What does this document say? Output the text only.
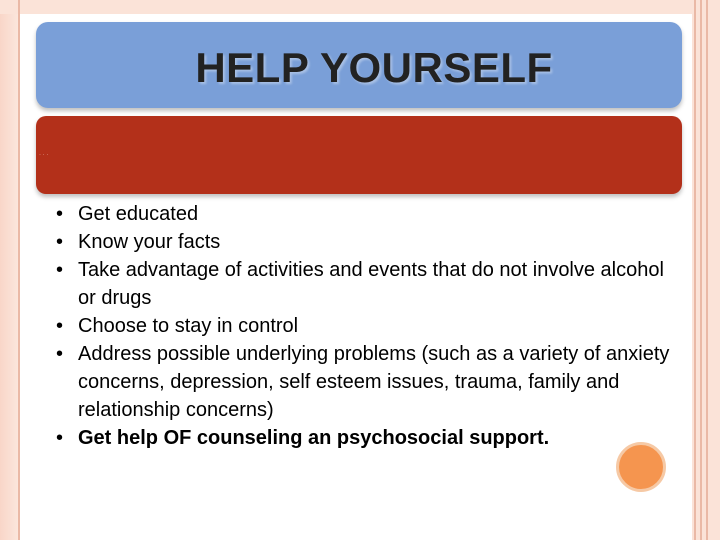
HELP YOURSELF
· · ·
• Get educated
• Know your facts
• Take advantage of activities and events that do not involve alcohol or drugs
• Choose to stay in control
• Address possible underlying problems (such as a variety of anxiety concerns, depression, self esteem issues, trauma, family and relationship concerns)
• Get help OF counseling an psychosocial support.
